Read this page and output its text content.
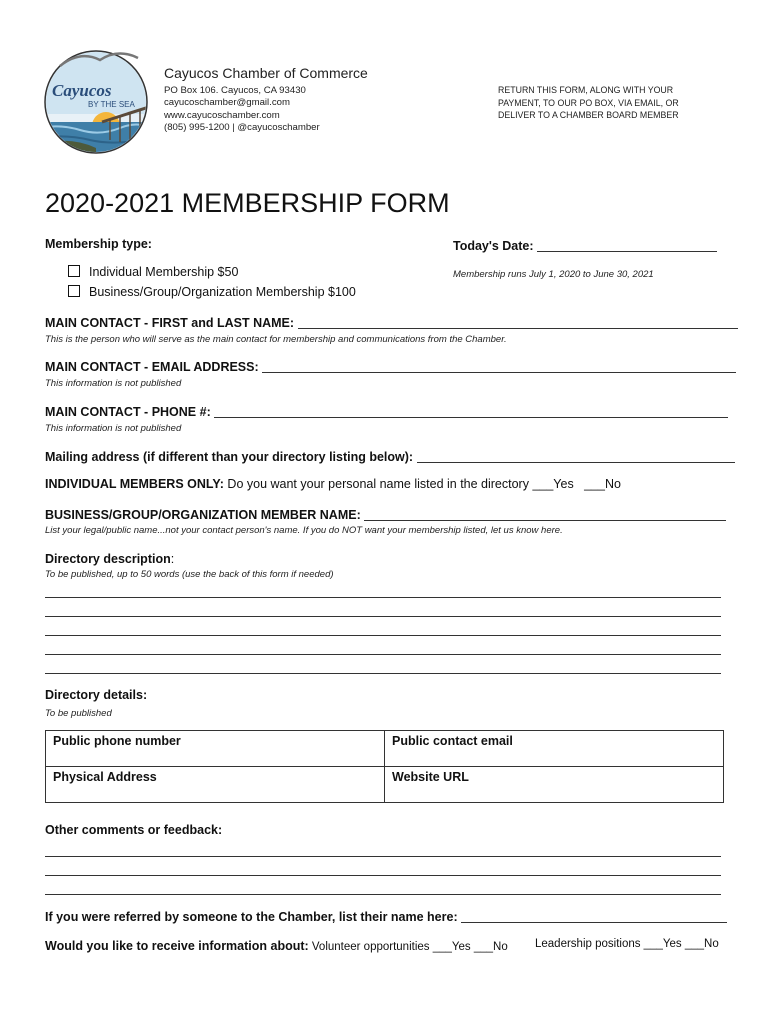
Cayucos
BY THE SEA
Cayucos Chamber of Commerce
PO Box 106. Cayucos, CA 93430
cayucoschamber@gmail.com
www.cayucoschamber.com
(805) 995-1200 | @cayucoschamber
RETURN THIS FORM, ALONG WITH YOUR PAYMENT, TO OUR PO BOX, VIA EMAIL, OR DELIVER TO A CHAMBER BOARD MEMBER
2020-2021 MEMBERSHIP FORM
Membership type:	Today's Date:
Individual Membership $50
Business/Group/Organization Membership $100
Membership runs July 1, 2020 to June 30, 2021
MAIN CONTACT - FIRST and LAST NAME:
This is the person who will serve as the main contact for membership and communications from the Chamber.
MAIN CONTACT - EMAIL ADDRESS:
This information is not published
MAIN CONTACT - PHONE #:
This information is not published
Mailing address (if different than your directory listing below):
INDIVIDUAL MEMBERS ONLY: Do you want your personal name listed in the directory ___Yes   ___No
BUSINESS/GROUP/ORGANIZATION MEMBER NAME:
List your legal/public name...not your contact person's name. If you do NOT want your membership listed, let us know here.
Directory description:
To be published, up to 50 words (use the back of this form if needed)
Directory details:
To be published
Public phone number	Public contact email
Physical Address	Website URL
Other comments or feedback:
If you were referred by someone to the Chamber, list their name here:
Would you like to receive information about: Volunteer opportunities ___Yes ___No Leadership positions ___Yes ___No
